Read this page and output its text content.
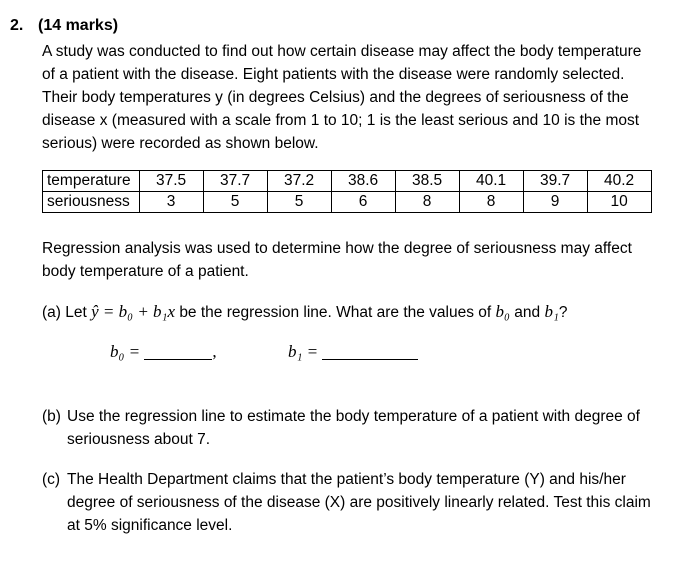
2. (14 marks)

A study was conducted to find out how certain disease may affect the body temperature

of a patient with the disease. Eight patients with the disease were randomly selected.

Their body temperatures y (in degrees Celsius) and the degrees of seriousness of the

disease x (measured with a scale from 1 to 10; 1 is the least serious and 10 is the most

serious) were recorded as shown below.

temperature	37.5	37.7	37.2	38.6	38.5	40.1	39.7	40.2
seriousness	3	5	5	6	8	8	9	10
Regression analysis was used to determine how the degree of seriousness may affect
body temperature of a patient.
(a) Let ŷ = b₀ + b₁x be the regression line. What are the values of b₀ and b₁?
b₀ =	,	b₁ =
(b) Use the regression line to estimate the body temperature of a patient with degree of
seriousness about 7.
(c) The Health Department claims that the patient’s body temperature (Y) and his/her
degree of seriousness of the disease (X) are positively linearly related. Test this claim
at 5% significance level.
